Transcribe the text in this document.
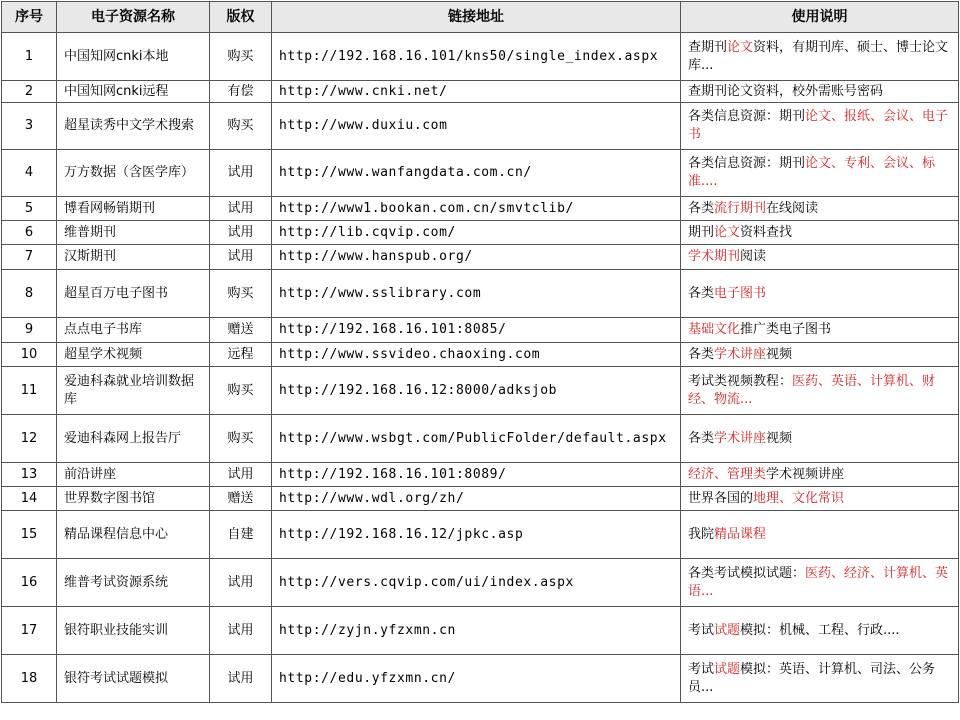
序号	电子资源名称	版权	链接地址	使用说明
1	中国知网cnki本地	购买	http://192.168.16.101/kns50/single_index.aspx	查期刊论文资料，有期刊库、硕士、博士论文库...
2	中国知网cnki远程	有偿	http://www.cnki.net/	查期刊论文资料，校外需账号密码
3	超星读秀中文学术搜索	购买	http://www.duxiu.com	各类信息资源：期刊论文、报纸、会议、电子书
4	万方数据（含医学库）	试用	http://www.wanfangdata.com.cn/	各类信息资源：期刊论文、专利、会议、标准....
5	博看网畅销期刊	试用	http://www1.bookan.com.cn/smvtclib/	各类流行期刊在线阅读
6	维普期刊	试用	http://lib.cqvip.com/	期刊论文资料查找
7	汉斯期刊	试用	http://www.hanspub.org/	学术期刊阅读
8	超星百万电子图书	购买	http://www.sslibrary.com	各类电子图书
9	点点电子书库	赠送	http://192.168.16.101:8085/	基础文化推广类电子图书
10	超星学术视频	远程	http://www.ssvideo.chaoxing.com	各类学术讲座视频
11	爱迪科森就业培训数据库	购买	http://192.168.16.12:8000/adksjob	考试类视频教程：医药、英语、计算机、财经、物流...
12	爱迪科森网上报告厅	购买	http://www.wsbgt.com/PublicFolder/default.aspx	各类学术讲座视频
13	前沿讲座	试用	http://192.168.16.101:8089/	经济、管理类学术视频讲座
14	世界数字图书馆	赠送	http://www.wdl.org/zh/	世界各国的地理、文化常识
15	精品课程信息中心	自建	http://192.168.16.12/jpkc.asp	我院精品课程
16	维普考试资源系统	试用	http://vers.cqvip.com/ui/index.aspx	各类考试模拟试题：医药、经济、计算机、英语...
17	银符职业技能实训	试用	http://zyjn.yfzxmn.cn	考试试题模拟：机械、工程、行政....
18	银符考试试题模拟	试用	http://edu.yfzxmn.cn/	考试试题模拟：英语、计算机、司法、公务员...
